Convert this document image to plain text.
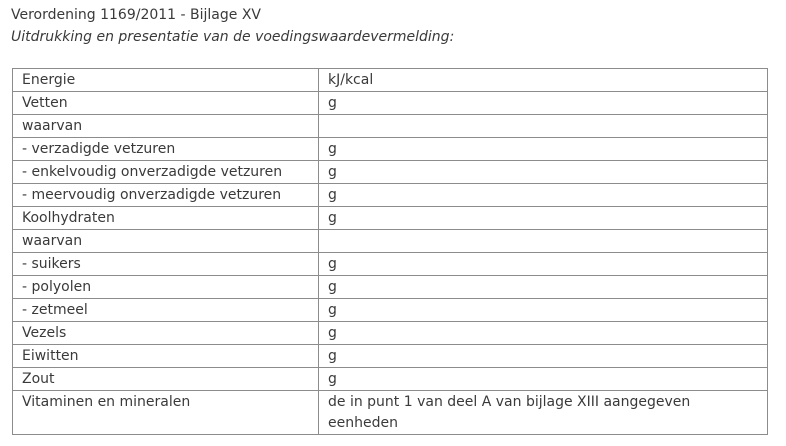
Verordening 1169/2011 - Bijlage XV
Uitdrukking en presentatie van de voedingswaardevermelding:
Energie	kJ/kcal
Vetten	g
waarvan	
- verzadigde vetzuren	g
- enkelvoudig onverzadigde vetzuren	g
- meervoudig onverzadigde vetzuren	g
Koolhydraten	g
waarvan	
- suikers	g
- polyolen	g
- zetmeel	g
Vezels	g
Eiwitten	g
Zout	g
Vitaminen en mineralen	de in punt 1 van deel A van bijlage XIII aangegeven eenheden
